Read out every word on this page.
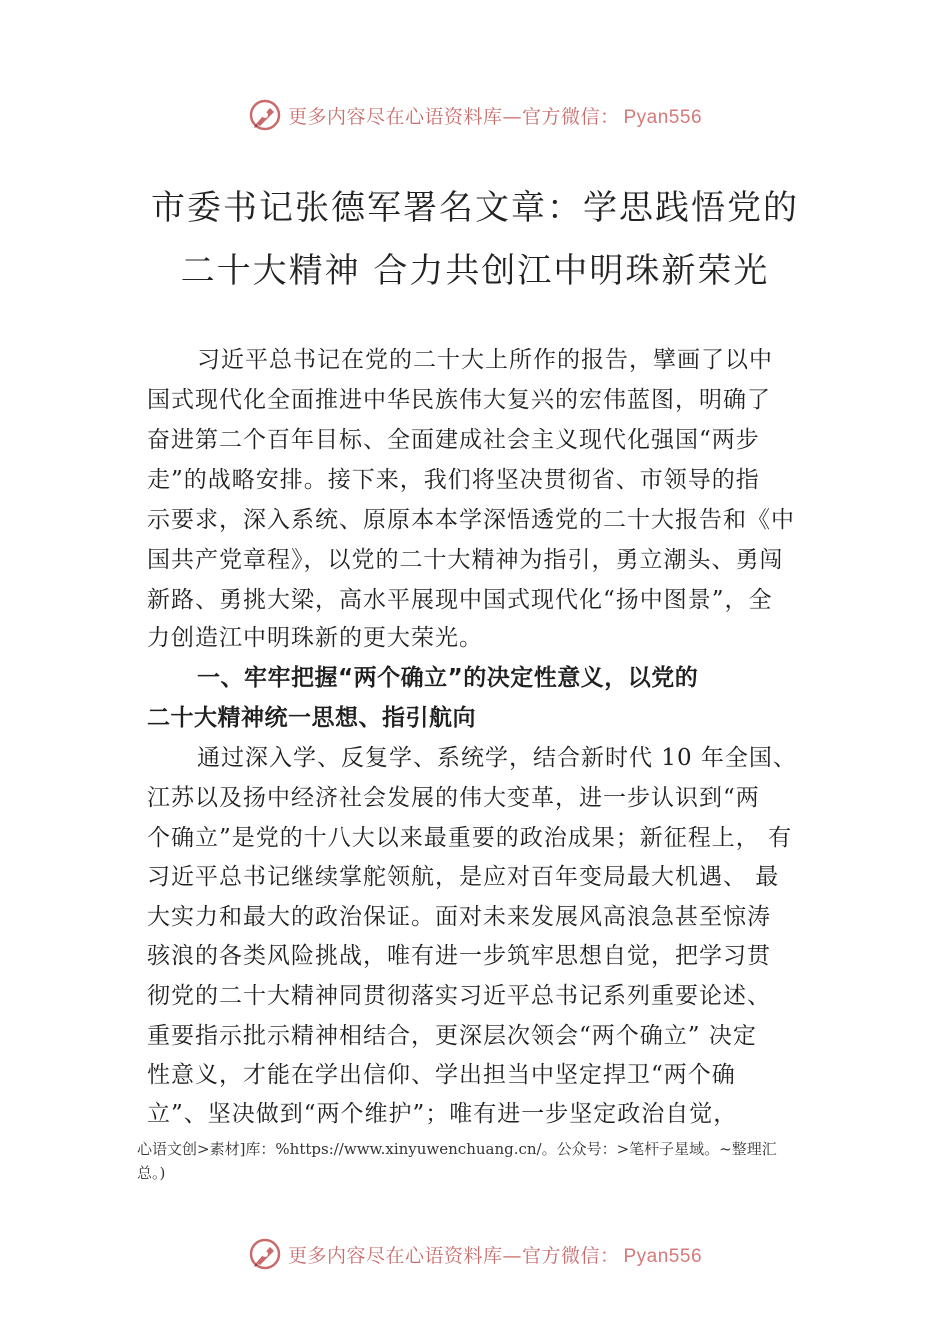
更多内容尽在心语资料库—官方微信： Pyan556
市委书记张德军署名文章：学思践悟党的
二十大精神 合力共创江中明珠新荣光
习近平总书记在党的二十大上所作的报告，擘画了以中
国式现代化全面推进中华民族伟大复兴的宏伟蓝图，明确了
奋进第二个百年目标、全面建成社会主义现代化强国“两步
走”的战略安排。接下来，我们将坚决贯彻省、市领导的指
示要求，深入系统、原原本本学深悟透党的二十大报告和《中
国共产党章程》，以党的二十大精神为指引，勇立潮头、勇闯
新路、勇挑大梁，高水平展现中国式现代化“扬中图景”，全
力创造江中明珠新的更大荣光。
一、牢牢把握“两个确立”的决定性意义，以党的
二十大精神统一思想、指引航向
通过深入学、反复学、系统学，结合新时代 10 年全国、
江苏以及扬中经济社会发展的伟大变革，进一步认识到“两
个确立”是党的十八大以来最重要的政治成果；新征程上， 有
习近平总书记继续掌舵领航，是应对百年变局最大机遇、 最
大实力和最大的政治保证。面对未来发展风高浪急甚至惊涛
骇浪的各类风险挑战，唯有进一步筑牢思想自觉，把学习贯
彻党的二十大精神同贯彻落实习近平总书记系列重要论述、
重要指示批示精神相结合，更深层次领会“两个确立” 决定
性意义，才能在学出信仰、学出担当中坚定捍卫“两个确
立”、坚决做到“两个维护”；唯有进一步坚定政治自觉，
心语文创>素材]库：%https://www.xinyuwenchuang.cn/。公众号：>笔杆子星域。~整理汇
总。)
更多内容尽在心语资料库—官方微信： Pyan556
